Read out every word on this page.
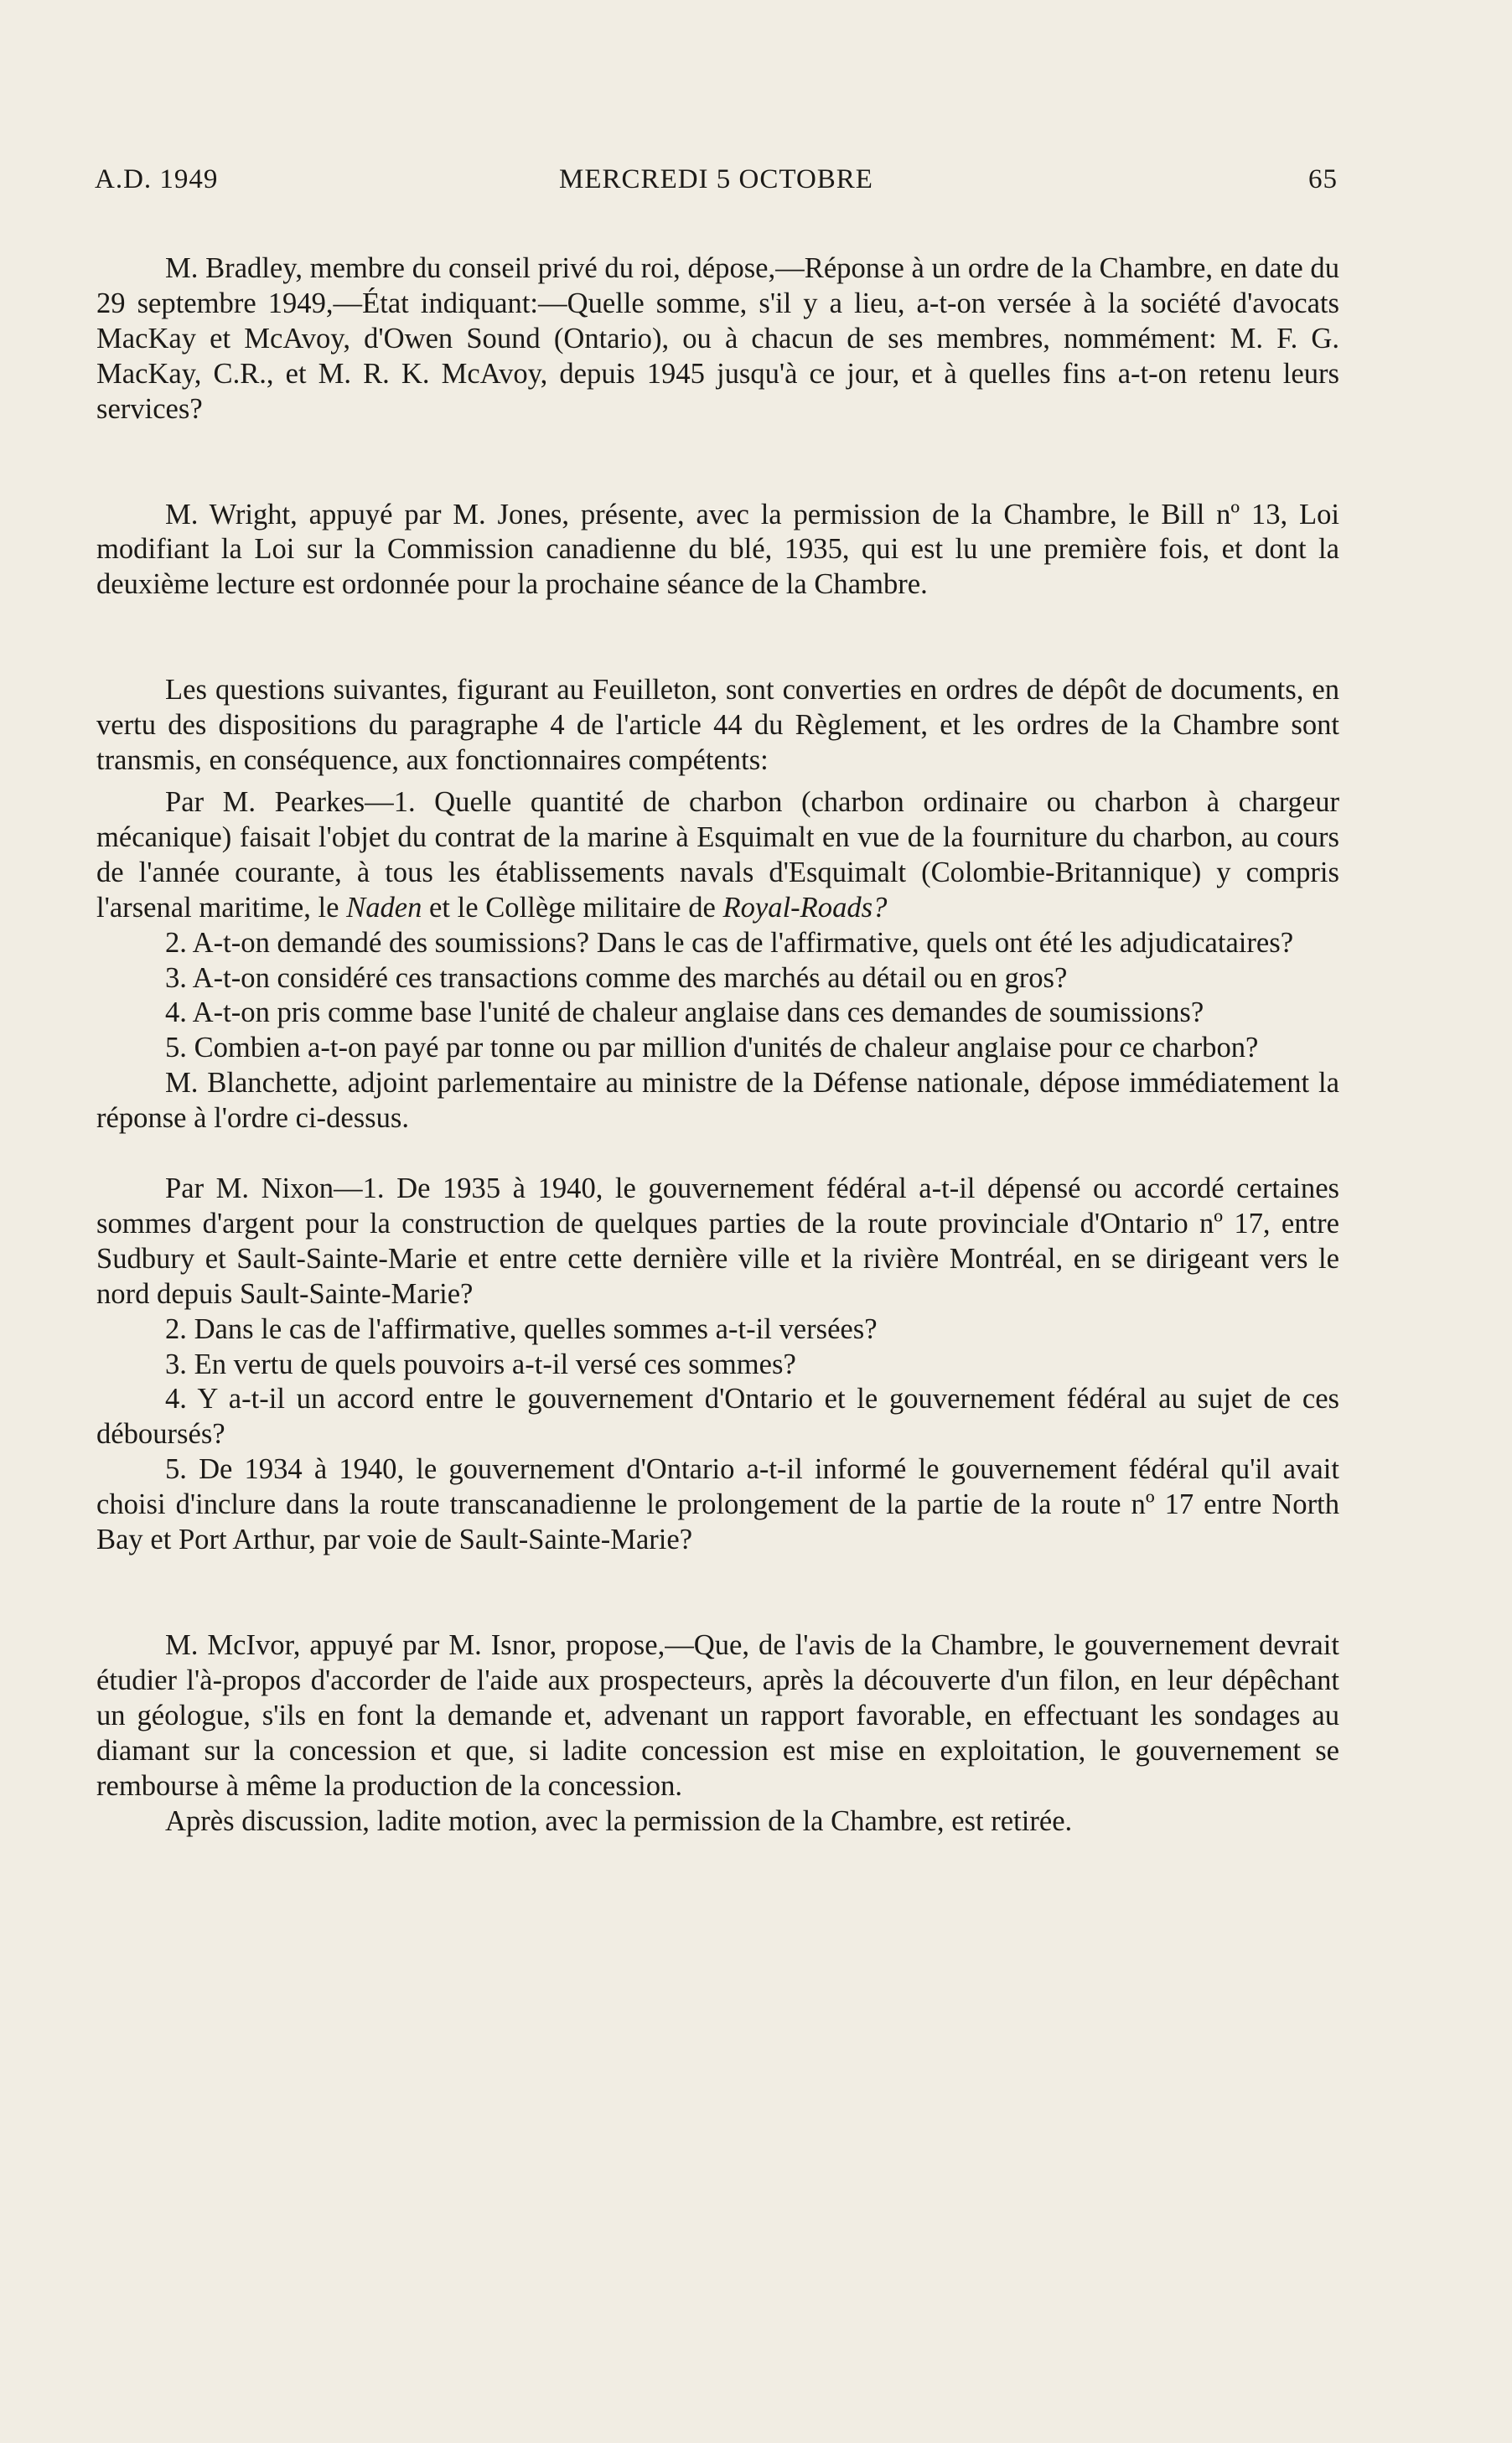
A.D. 1949	MERCREDI 5 OCTOBRE	65

M. Bradley, membre du conseil privé du roi, dépose,—Réponse à un ordre de la Chambre, en date du 29 septembre 1949,—État indiquant:—Quelle somme, s'il y a lieu, a-t-on versée à la société d'avocats MacKay et McAvoy, d'Owen Sound (Ontario), ou à chacun de ses membres, nommément: M. F. G. MacKay, C.R., et M. R. K. McAvoy, depuis 1945 jusqu'à ce jour, et à quelles fins a-t-on retenu leurs services?

M. Wright, appuyé par M. Jones, présente, avec la permission de la Chambre, le Bill nº 13, Loi modifiant la Loi sur la Commission canadienne du blé, 1935, qui est lu une première fois, et dont la deuxième lecture est ordonnée pour la prochaine séance de la Chambre.

Les questions suivantes, figurant au Feuilleton, sont converties en ordres de dépôt de documents, en vertu des dispositions du paragraphe 4 de l'article 44 du Règlement, et les ordres de la Chambre sont transmis, en conséquence, aux fonctionnaires compétents:

Par M. Pearkes—1. Quelle quantité de charbon (charbon ordinaire ou charbon à chargeur mécanique) faisait l'objet du contrat de la marine à Esquimalt en vue de la fourniture du charbon, au cours de l'année courante, à tous les établissements navals d'Esquimalt (Colombie-Britannique) y compris l'arsenal maritime, le Naden et le Collège militaire de Royal-Roads?

2. A-t-on demandé des soumissions? Dans le cas de l'affirmative, quels ont été les adjudicataires?

3. A-t-on considéré ces transactions comme des marchés au détail ou en gros?

4. A-t-on pris comme base l'unité de chaleur anglaise dans ces demandes de soumissions?

5. Combien a-t-on payé par tonne ou par million d'unités de chaleur anglaise pour ce charbon?

M. Blanchette, adjoint parlementaire au ministre de la Défense nationale, dépose immédiatement la réponse à l'ordre ci-dessus.

Par M. Nixon—1. De 1935 à 1940, le gouvernement fédéral a-t-il dépensé ou accordé certaines sommes d'argent pour la construction de quelques parties de la route provinciale d'Ontario nº 17, entre Sudbury et Sault-Sainte-Marie et entre cette dernière ville et la rivière Montréal, en se dirigeant vers le nord depuis Sault-Sainte-Marie?

2. Dans le cas de l'affirmative, quelles sommes a-t-il versées?

3. En vertu de quels pouvoirs a-t-il versé ces sommes?

4. Y a-t-il un accord entre le gouvernement d'Ontario et le gouvernement fédéral au sujet de ces déboursés?

5. De 1934 à 1940, le gouvernement d'Ontario a-t-il informé le gouvernement fédéral qu'il avait choisi d'inclure dans la route transcanadienne le prolongement de la partie de la route nº 17 entre North Bay et Port Arthur, par voie de Sault-Sainte-Marie?

M. McIvor, appuyé par M. Isnor, propose,—Que, de l'avis de la Chambre, le gouvernement devrait étudier l'à-propos d'accorder de l'aide aux prospecteurs, après la découverte d'un filon, en leur dépêchant un géologue, s'ils en font la demande et, advenant un rapport favorable, en effectuant les sondages au diamant sur la concession et que, si ladite concession est mise en exploitation, le gouvernement se rembourse à même la production de la concession.

Après discussion, ladite motion, avec la permission de la Chambre, est retirée.
